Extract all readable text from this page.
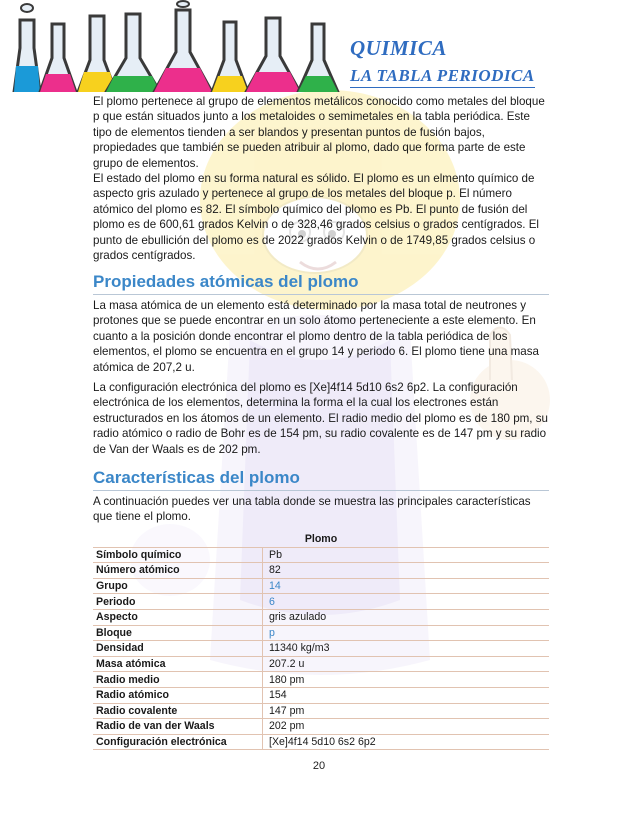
QUIMICA
LA TABLA PERIODICA

El plomo pertenece al grupo de elementos metálicos conocido como metales del bloque p que están situados junto a los metaloides o semimetales en la tabla periódica. Este tipo de elementos tienden a ser blandos y presentan puntos de fusión bajos, propiedades que también se pueden atribuir al plomo, dado que forma parte de este grupo de elementos.

El estado del plomo en su forma natural es sólido. El plomo es un elmento químico de aspecto gris azulado y pertenece al grupo de los metales del bloque p. El número atómico del plomo es 82. El símbolo químico del plomo es Pb. El punto de fusión del plomo es de 600,61 grados Kelvin o de 328,46 grados celsius o grados centígrados. El punto de ebullición del plomo es de 2022 grados Kelvin o de 1749,85 grados celsius o grados centígrados.

Propiedades atómicas del plomo

La masa atómica de un elemento está determinado por la masa total de neutrones y protones que se puede encontrar en un solo átomo perteneciente a este elemento. En cuanto a la posición donde encontrar el plomo dentro de la tabla periódica de los elementos, el plomo se encuentra en el grupo 14 y periodo 6. El plomo tiene una masa atómica de 207,2 u.

La configuración electrónica del plomo es [Xe]4f14 5d10 6s2 6p2. La configuración electrónica de los elementos, determina la forma el la cual los electrones están estructurados en los átomos de un elemento. El radio medio del plomo es de 180 pm, su radio atómico o radio de Bohr es de 154 pm, su radio covalente es de 147 pm y su radio de Van der Waals es de 202 pm.

Características del plomo

A continuación puedes ver una tabla donde se muestra las principales características que tiene el plomo.

Plomo	
Símbolo químico	Pb
Número atómico	82
Grupo	14
Periodo	6
Aspecto	gris azulado
Bloque	p
Densidad	11340 kg/m3
Masa atómica	207.2 u
Radio medio	180 pm
Radio atómico	154
Radio covalente	147 pm
Radio de van der Waals	202 pm
Configuración electrónica	[Xe]4f14 5d10 6s2 6p2
20
